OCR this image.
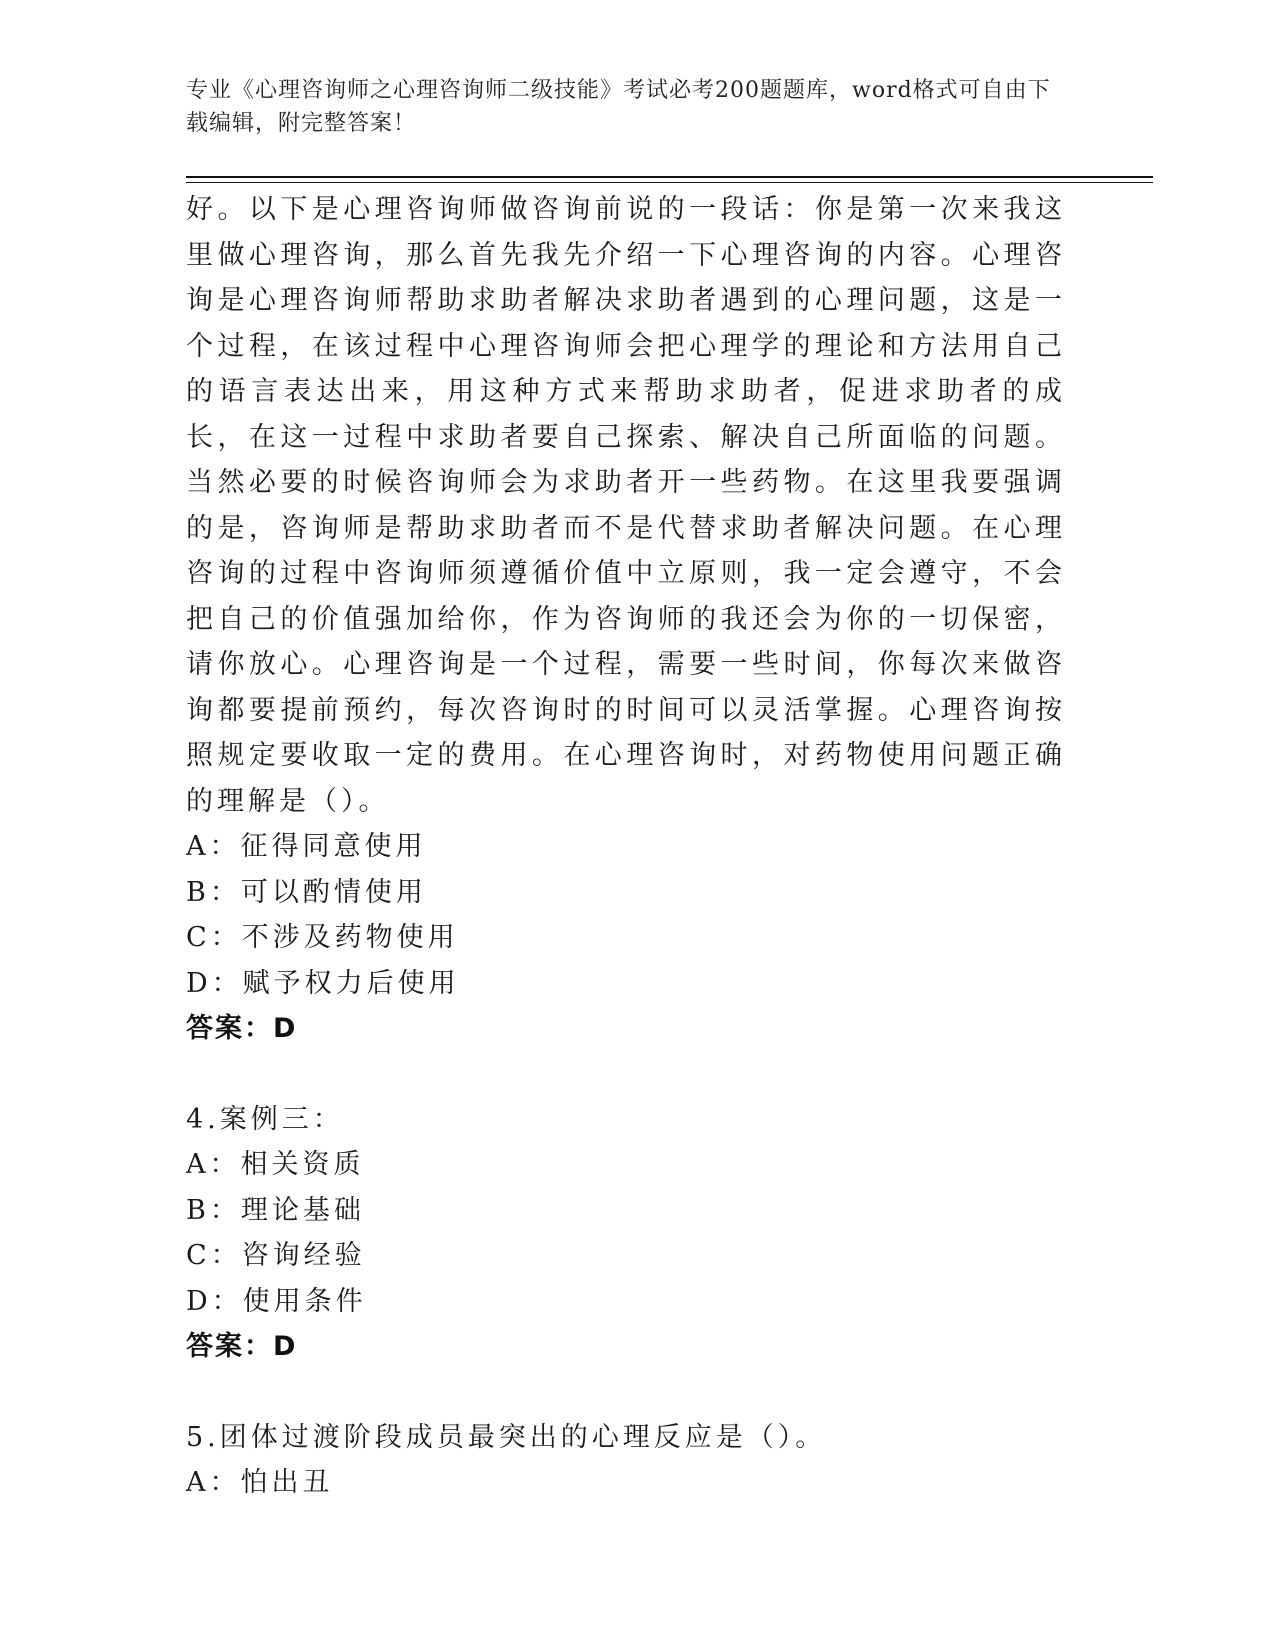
专业《心理咨询师之心理咨询师二级技能》考试必考200题题库，word格式可自由下载编辑，附完整答案！

好。以下是心理咨询师做咨询前说的一段话：你是第一次来我这里做心理咨询，那么首先我先介绍一下心理咨询的内容。心理咨询是心理咨询师帮助求助者解决求助者遇到的心理问题，这是一个过程，在该过程中心理咨询师会把心理学的理论和方法用自己的语言表达出来，用这种方式来帮助求助者，促进求助者的成长，在这一过程中求助者要自己探索、解决自己所面临的问题。当然必要的时候咨询师会为求助者开一些药物。在这里我要强调的是，咨询师是帮助求助者而不是代替求助者解决问题。在心理咨询的过程中咨询师须遵循价值中立原则，我一定会遵守，不会把自己的价值强加给你，作为咨询师的我还会为你的一切保密，请你放心。心理咨询是一个过程，需要一些时间，你每次来做咨询都要提前预约，每次咨询时的时间可以灵活掌握。心理咨询按照规定要收取一定的费用。在心理咨询时，对药物使用问题正确的理解是（）。

A：征得同意使用

B：可以酌情使用

C：不涉及药物使用

D：赋予权力后使用

答案：D

4.案例三：

A：相关资质

B：理论基础

C：咨询经验

D：使用条件

答案：D

5.团体过渡阶段成员最突出的心理反应是（）。

A：怕出丑
